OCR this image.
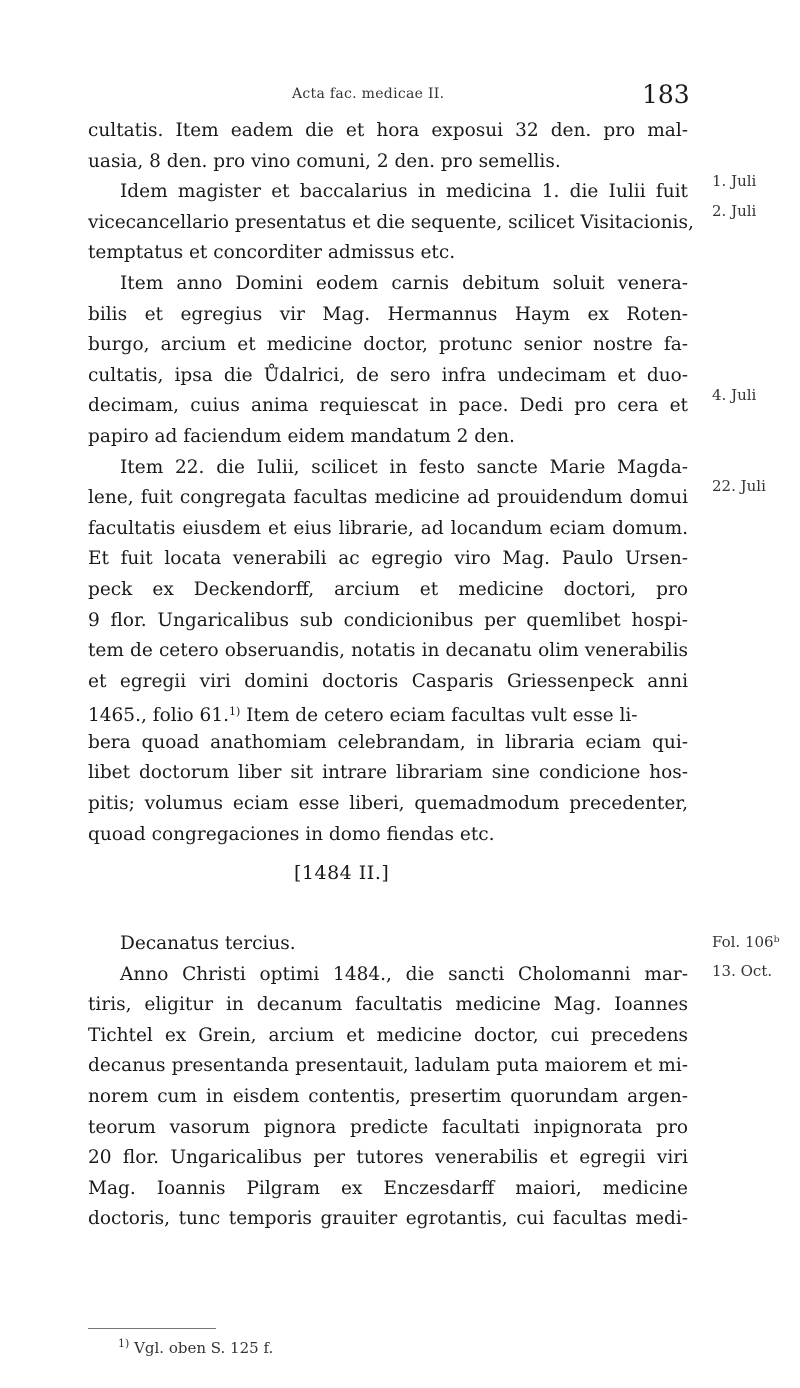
Acta fac. medicae II.	183
cultatis. Item eadem die et hora exposui 32 den. pro mal-
uasia, 8 den. pro vino comuni, 2 den. pro semellis.
Idem magister et baccalarius in medicina 1. die Iulii fuit
vicecancellario presentatus et die sequente, scilicet Visitacionis,
temptatus et concorditer admissus etc.
Item anno Domini eodem carnis debitum soluit venera-
bilis et egregius vir Mag. Hermannus Haym ex Roten-
burgo, arcium et medicine doctor, protunc senior nostre fa-
cultatis, ipsa die Ůdalrici, de sero infra undecimam et duo-
decimam, cuius anima requiescat in pace. Dedi pro cera et
papiro ad faciendum eidem mandatum 2 den.
Item 22. die Iulii, scilicet in festo sancte Marie Magda-
lene, fuit congregata facultas medicine ad prouidendum domui
facultatis eiusdem et eius librarie, ad locandum eciam domum.
Et fuit locata venerabili ac egregio viro Mag. Paulo Ursen-
peck ex Deckendorff, arcium et medicine doctori, pro
9 flor. Ungaricalibus sub condicionibus per quemlibet hospi-
tem de cetero obseruandis, notatis in decanatu olim venerabilis
et egregii viri domini doctoris Casparis Griessenpeck anni
1465., folio 61.$^{1)}$ Item de cetero eciam facultas vult esse li-
bera quoad anathomiam celebrandam, in libraria eciam qui-
libet doctorum liber sit intrare librariam sine condicione hos-
pitis; volumus eciam esse liberi, quemadmodum precedenter,
quoad congregaciones in domo fiendas etc.
[1484 II.]
Decanatus tercius.
Anno Christi optimi 1484., die sancti Cholomanni mar-
tiris, eligitur in decanum facultatis medicine Mag. Ioannes
Tichtel ex Grein, arcium et medicine doctor, cui precedens
decanus presentanda presentauit, ladulam puta maiorem et mi-
norem cum in eisdem contentis, presertim quorundam argen-
teorum vasorum pignora predicte facultati inpignorata pro
20 flor. Ungaricalibus per tutores venerabilis et egregii viri
Mag. Ioannis Pilgram ex Enczesdarff maiori, medicine
doctoris, tunc temporis grauiter egrotantis, cui facultas medi-
1. Juli
2. Juli
4. Juli
22. Juli
Fol. 106ᵇ
13. Oct.
$^{1)}$ Vgl. oben S. 125 f.
